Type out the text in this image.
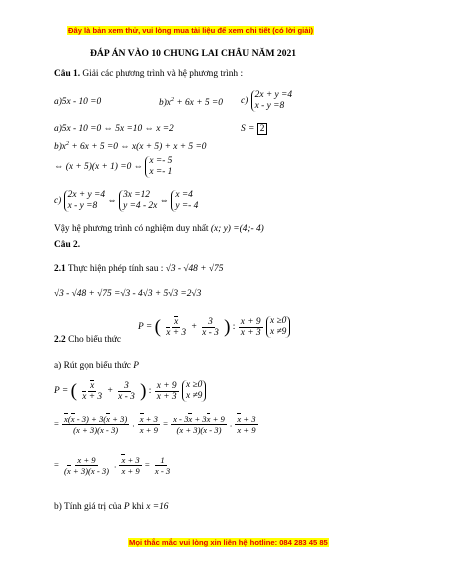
Đây là bản xem thử, vui lòng mua tài liệu để xem chi tiết (có lời giải)
ĐÁP ÁN VÀO 10 CHUNG LAI CHÂU NĂM 2021
Câu 1. Giải các phương trình và hệ phương trình :
a)5x - 10 =0	$b)x^2 + 6x + 5 =0$ c) 2x + y =4
x - y =8
a)5x - 10 =0 ⇔ 5x =10 ⇔ x =2	S = 2
$b)x^2 + 6x + 5 =0$ ⇔ x(x + 5) + x + 5 =0
⇔ (x + 5)(x + 1) =0 ⇔ x =- 5
x =- 1
c) 2x + y =4
x - y =8 ⇔ 3x =12
y =4 - 2x ⇔ x =4
y =- 4
Vậy hệ phương trình có nghiệm duy nhất (x; y) =(4;- 4)
Câu 2.
2.1 Thực hiện phép tính sau : √3 - √48 + √75
√3 - √48 + √75 =√3 - 4√3 + 5√3 =2√3
P = ( $\frac{x}{x + 3} + \frac{3}{x - 3}$ ) : $\frac{x + 9}{x + 3}$ x ≥0
x ≠9
2.2 Cho biểu thức
a) Rút gọn biểu thức P
P = ( $\frac{x}{x + 3} + \frac{3}{x - 3}$ ) : $\frac{x + 9}{x + 3}$ x ≥0
x ≠9
= $\frac{x(x - 3) + 3(x + 3)}{(x + 3)(x - 3)}$ . $\frac{x + 3}{x + 9} = \frac{x - 3x + 3x + 9}{(x + 3)(x - 3)}$ . $\frac{x + 3}{x + 9}$
= $\frac{x + 9}{(x + 3)(x - 3)}$ . $\frac{x + 3}{x + 9} = \frac{1}{x - 3}$
b) Tính giá trị của P khi x =16
Mọi thắc mắc vui lòng xin liên hệ hotline: 084 283 45 85
